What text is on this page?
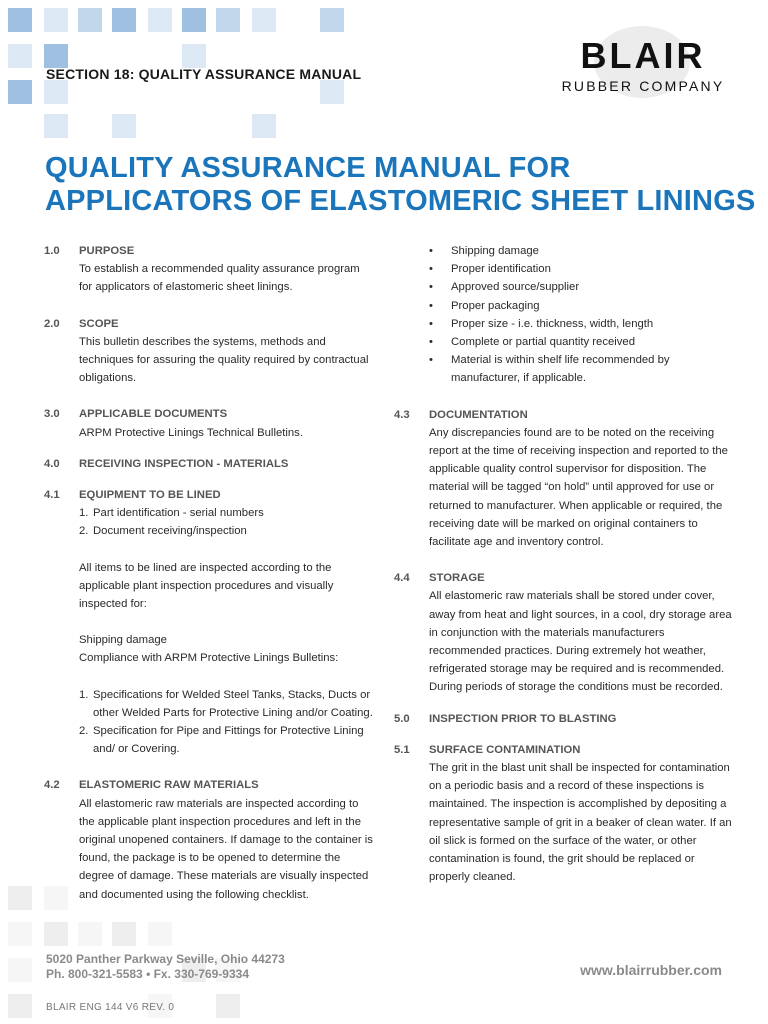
SECTION 18: QUALITY ASSURANCE MANUAL	BLAIR
RUBBER COMPANY
QUALITY ASSURANCE MANUAL FOR
APPLICATORS OF ELASTOMERIC SHEET LININGS
1.0	PURPOSE
To establish a recommended quality assurance program for applicators of elastomeric sheet linings.
2.0	SCOPE
This bulletin describes the systems, methods and techniques for assuring the quality required by contractual obligations.
3.0	APPLICABLE DOCUMENTS
ARPM Protective Linings Technical Bulletins.
4.0	RECEIVING INSPECTION - MATERIALS
4.1	EQUIPMENT TO BE LINED
1. Part identification - serial numbers
2. Document receiving/inspection
All items to be lined are inspected according to the applicable plant inspection procedures and visually inspected for:
Shipping damage
Compliance with ARPM Protective Linings Bulletins:
1. Specifications for Welded Steel Tanks, Stacks, Ducts or other Welded Parts for Protective Lining and/or Coating.
2. Specification for Pipe and Fittings for Protective Lining and/ or Covering.
4.2	ELASTOMERIC RAW MATERIALS
All elastomeric raw materials are inspected according to the applicable plant inspection procedures and left in the original unopened containers. If damage to the container is found, the package is to be opened to determine the degree of damage. These materials are visually inspected and documented using the following checklist.
• Shipping damage
• Proper identification
• Approved source/supplier
• Proper packaging
• Proper size - i.e. thickness, width, length
• Complete or partial quantity received
• Material is within shelf life recommended by manufacturer, if applicable.
4.3	DOCUMENTATION
Any discrepancies found are to be noted on the receiving report at the time of receiving inspection and reported to the applicable quality control supervisor for disposition. The material will be tagged “on hold” until approved for use or returned to manufacturer. When applicable or required, the receiving date will be marked on original containers to facilitate age and inventory control.
4.4	STORAGE
All elastomeric raw materials shall be stored under cover, away from heat and light sources, in a cool, dry storage area in conjunction with the materials manufacturers recommended practices. During extremely hot weather, refrigerated storage may be required and is recommended. During periods of storage the conditions must be recorded.
5.0	INSPECTION PRIOR TO BLASTING
5.1	SURFACE CONTAMINATION
The grit in the blast unit shall be inspected for contamination on a periodic basis and a record of these inspections is maintained. The inspection is accomplished by depositing a representative sample of grit in a beaker of clean water. If an oil slick is formed on the surface of the water, or other contamination is found, the grit should be replaced or properly cleaned.
5020 Panther Parkway Seville, Ohio 44273
Ph. 800-321-5583 • Fx. 330-769-9334	www.blairrubber.com
BLAIR ENG 144 V6 REV. 0
